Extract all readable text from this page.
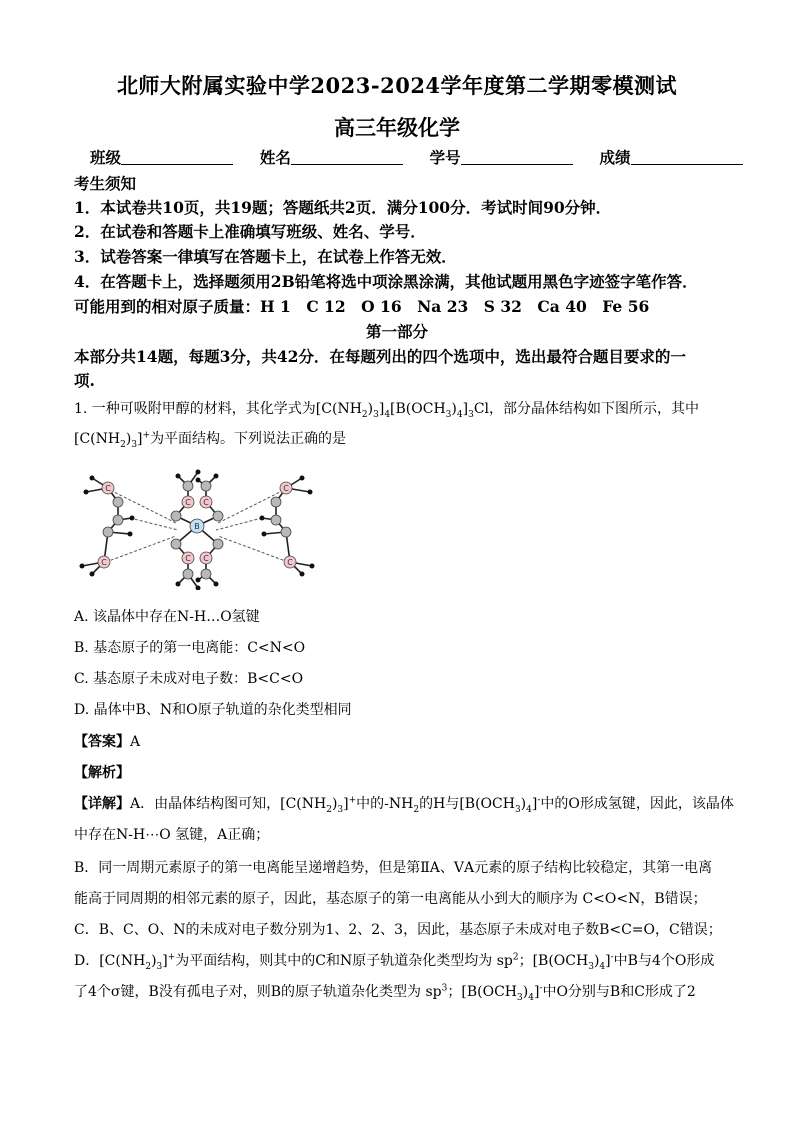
北师大附属实验中学2023-2024学年度第二学期零模测试
高三年级化学
班级	姓名	学号	成绩
考生须知
1．本试卷共10页，共19题；答题纸共2页．满分100分．考试时间90分钟．
2．在试卷和答题卡上准确填写班级、姓名、学号．
3．试卷答案一律填写在答题卡上，在试卷上作答无效．
4．在答题卡上，选择题须用2B铅笔将选中项涂黑涂满，其他试题用黑色字迹签字笔作答．
可能用到的相对原子质量：H 1　C 12　O 16　Na 23　S 32　Ca 40　Fe 56
第一部分
本部分共14题，每题3分，共42分．在每题列出的四个选项中，选出最符合题目要求的一
项.
1. 一种可吸附甲醇的材料，其化学式为$[C(NH_2)_3]_4[B(OCH_3)_4]_3Cl$，部分晶体结构如下图所示，其中
$[C(NH_2)_3]^+$为平面结构。下列说法正确的是
C
C
C
C
C C
C C
B
A. 该晶体中存在N-H…O氢键
B. 基态原子的第一电离能：C<N<O
C. 基态原子未成对电子数：B<C<O
D. 晶体中B、N和O原子轨道的杂化类型相同
【答案】A
【解析】
【详解】A．由晶体结构图可知，$[C(NH_2)_3]^+$中的$-NH_2$的H与$[B(OCH_3)_4]^-$中的O形成氢键，因此，该晶体
中存在N-H⋯O 氢键，A正确；
B．同一周期元素原子的第一电离能呈递增趋势，但是第ⅡA、ⅤA元素的原子结构比较稳定，其第一电离
能高于同周期的相邻元素的原子，因此，基态原子的第一电离能从小到大的顺序为 C<O<N，B错误；
C．B、C、O、N的未成对电子数分别为1、2、2、3，因此，基态原子未成对电子数B<C=O，C错误；
D．$[C(NH_2)_3]^+$为平面结构，则其中的C和N原子轨道杂化类型均为 $sp^2$；$[B(OCH_3)_4]^-$中B与4个O形成
了4个σ键，B没有孤电子对，则B的原子轨道杂化类型为 $sp^3$；$[B(OCH_3)_4]^-$中O分别与B和C形成了2
